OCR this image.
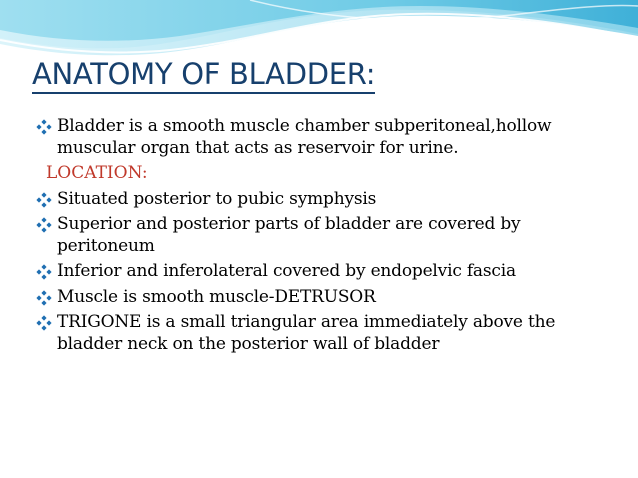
ANATOMY OF BLADDER:

Bladder is a smooth muscle chamber subperitoneal,hollow muscular organ that acts as reservoir for urine.

LOCATION:

Situated posterior to pubic symphysis

Superior and posterior parts of bladder are covered by peritoneum

Inferior and inferolateral covered by endopelvic fascia

Muscle is smooth muscle-DETRUSOR

TRIGONE is a small triangular area immediately above the bladder neck on the posterior wall of bladder
